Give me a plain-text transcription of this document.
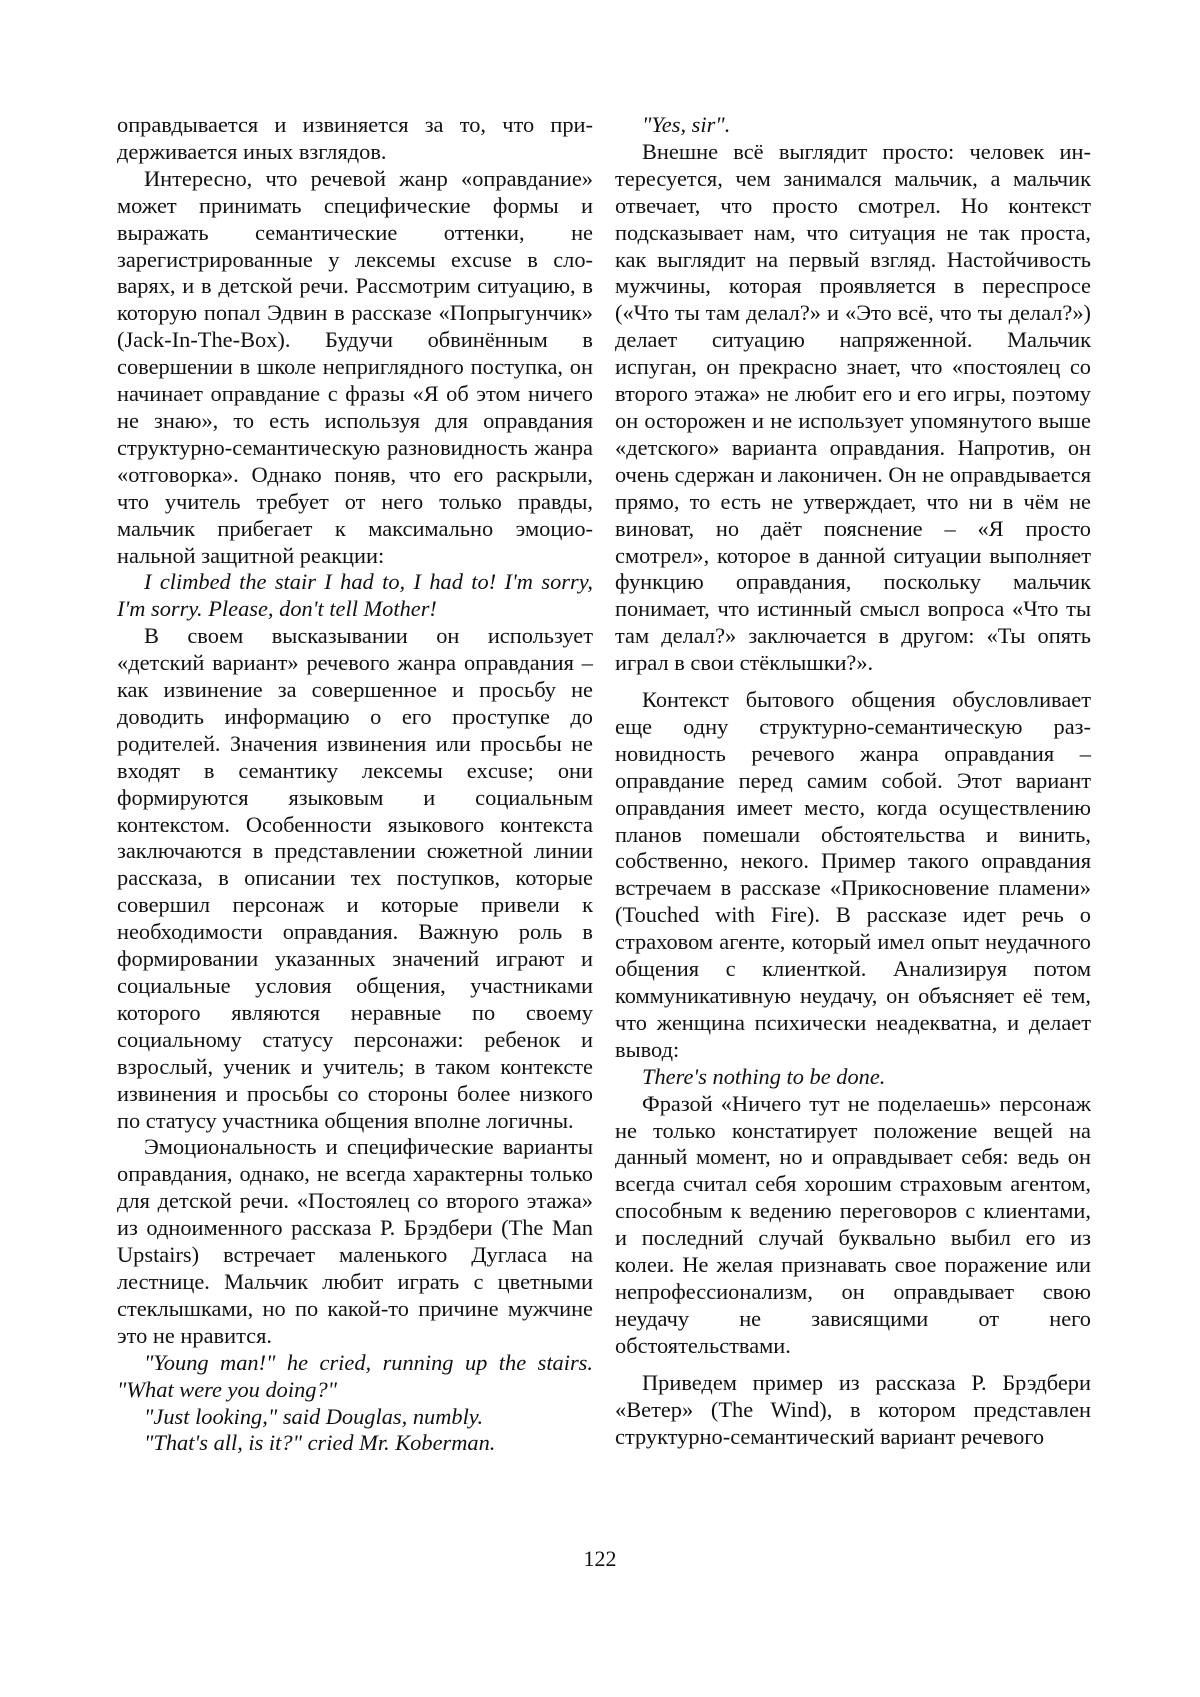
оправдывается и извиняется за то, что при­держивается иных взглядов.

Интересно, что речевой жанр «оправда­ние» может принимать специфические фор­мы и выражать семантические оттенки, не зарегистрированные у лексемы excuse в сло­варях, и в детской речи. Рассмотрим ситуа­цию, в которую попал Эдвин в рассказе «Попрыгунчик» (Jack-In-The-Box). Будучи обвинённым в совершении в школе непри­глядного поступка, он начинает оправдание с фразы «Я об этом ничего не знаю», то есть используя для оправдания структурно-семантическую разновидность жанра «отго­ворка». Однако поняв, что его раскрыли, что учитель требует от него только правды, мальчик прибегает к максимально эмоцио­нальной защитной реакции:

I climbed the stair I had to, I had to! I'm sor­ry, I'm sorry. Please, don't tell Mother!

В своем высказывании он использует «детский вариант» речевого жанра оправда­ния – как извинение за совершенное и просьбу не доводить информацию о его про­ступке до родителей. Значения извинения или просьбы не входят в семантику лексемы excuse; они формируются языковым и соци­альным контекстом. Особенности языкового контекста заключаются в представлении сюжетной линии рассказа, в описании тех поступков, которые совершил персонаж и которые привели к необходимости оправда­ния. Важную роль в формировании указан­ных значений играют и социальные условия общения, участниками которого являются неравные по своему социальному статусу персонажи: ребенок и взрослый, ученик и учитель; в таком контексте извинения и просьбы со стороны более низкого по стату­су участника общения вполне логичны.

Эмоциональность и специфические вари­анты оправдания, однако, не всегда харак­терны только для детской речи. «Постоялец со второго этажа» из одноименного рассказа Р. Брэдбери (The Man Upstairs) встречает ма­ленького Дугласа на лестнице. Мальчик лю­бит играть с цветными стеклышками, но по какой-то причине мужчине это не нравится.

"Young man!" he cried, running up the stairs. "What were you doing?"

"Just looking," said Douglas, numbly.

"That's all, is it?" cried Mr. Koberman.

"Yes, sir".

Внешне всё выглядит просто: человек ин­тересуется, чем занимался мальчик, а маль­чик отвечает, что просто смотрел. Но кон­текст подсказывает нам, что ситуация не так проста, как выглядит на первый взгляд. На­стойчивость мужчины, которая проявляется в переспросе («Что ты там делал?» и «Это всё, что ты делал?») делает ситуацию напря­женной. Мальчик испуган, он прекрасно зна­ет, что «постоялец со второго этажа» не лю­бит его и его игры, поэтому он осторожен и не использует упомянутого выше «детского» варианта оправдания. Напротив, он очень сдержан и лаконичен. Он не оправдывается прямо, то есть не утверждает, что ни в чём не виноват, но даёт пояснение – «Я просто смотрел», которое в данной ситуации вы­полняет функцию оправдания, поскольку мальчик понимает, что истинный смысл во­проса «Что ты там делал?» заключается в другом: «Ты опять играл в свои стёклыш­ки?».

Контекст бытового общения обусловлива­ет еще одну структурно-семантическую раз­новидность речевого жанра оправдания – оправдание перед самим собой. Этот вариант оправдания имеет место, когда осуществле­нию планов помешали обстоятельства и ви­нить, собственно, некого. Пример такого оп­равдания встречаем в рассказе «Прикоснове­ние пламени» (Touched with Fire). В рассказе идет речь о страховом агенте, который имел опыт неудачного общения с клиенткой. Ана­лизируя потом коммуникативную неудачу, он объясняет её тем, что женщина психиче­ски неадекватна, и делает вывод:

There's nothing to be done.

Фразой «Ничего тут не поделаешь» пер­сонаж не только констатирует положение вещей на данный момент, но и оправдывает себя: ведь он всегда считал себя хорошим страховым агентом, способным к ведению переговоров с клиентами, и последний слу­чай буквально выбил его из колеи. Не желая признавать свое поражение или непрофес­сионализм, он оправдывает свою неудачу не зависящими от него обстоятельствами.

Приведем пример из рассказа Р. Брэдбери «Ветер» (The Wind), в котором представлен структурно-семантический вариант речевого

122
